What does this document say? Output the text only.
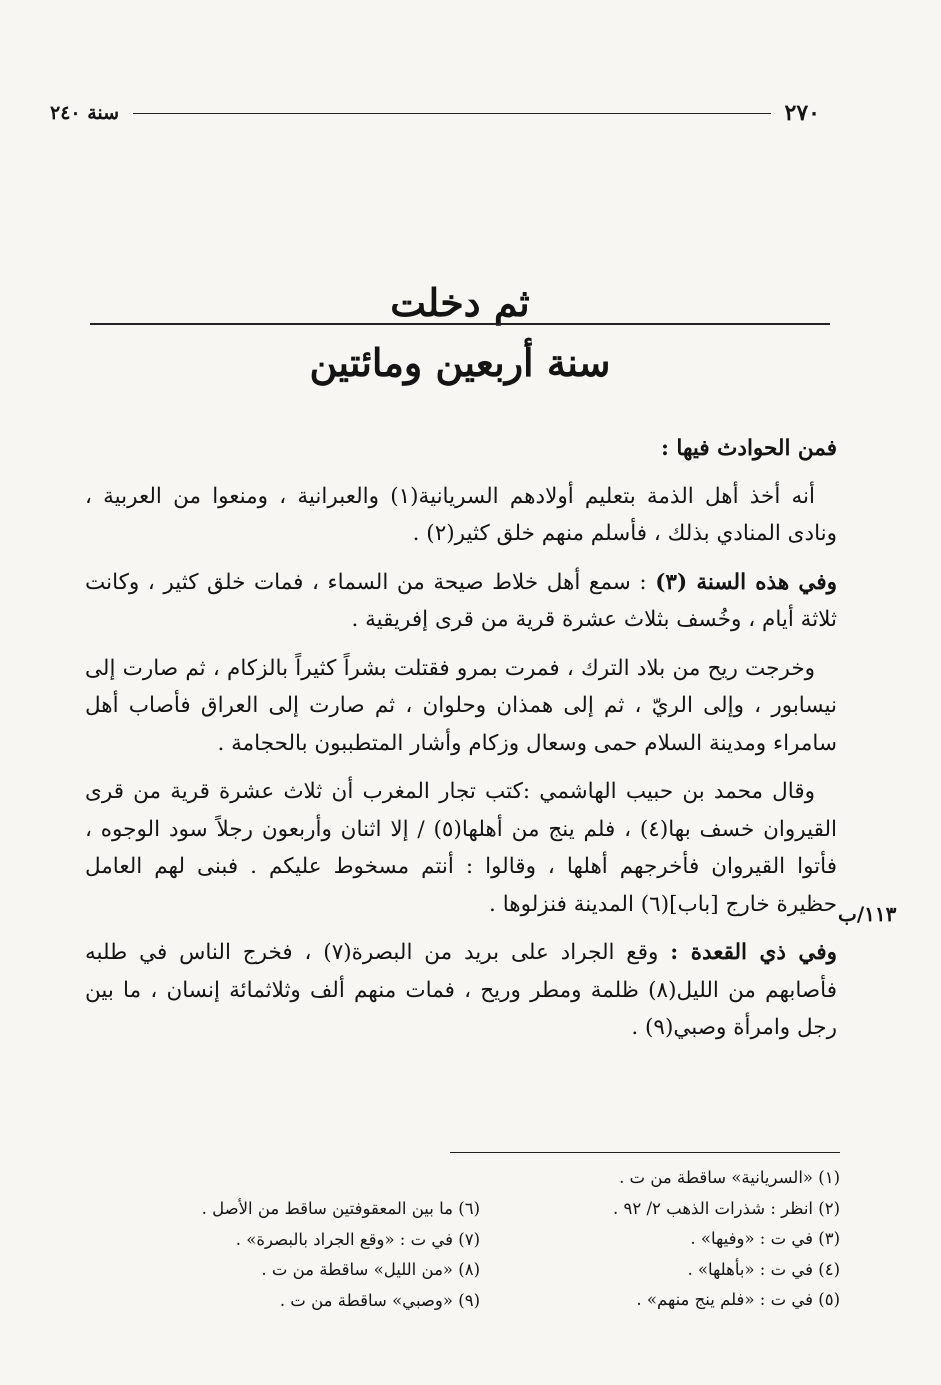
٢٧٠
سنة ٢٤٠
ثم دخلت
سنة أربعين ومائتين

فمن الحوادث فيها :

أنه أخذ أهل الذمة بتعليم أولادهم السريانية(١) والعبرانية ، ومنعوا من العربية ، ونادى المنادي بذلك ، فأسلم منهم خلق كثير(٢) .

وفي هذه السنة (٣) : سمع أهل خلاط صيحة من السماء ، فمات خلق كثير ، وكانت ثلاثة أيام ، وخُسف بثلاث عشرة قرية من قرى إفريقية .

وخرجت ريح من بلاد الترك ، فمرت بمرو فقتلت بشراً كثيراً بالزكام ، ثم صارت إلى نيسابور ، وإلى الريّ ، ثم إلى همذان وحلوان ، ثم صارت إلى العراق فأصاب أهل سامراء ومدينة السلام حمى وسعال وزكام وأشار المتطببون بالحجامة .

وقال محمد بن حبيب الهاشمي :كتب تجار المغرب أن ثلاث عشرة قرية من قرى القيروان خسف بها(٤) ، فلم ينج من أهلها(٥) / إلا اثنان وأربعون رجلاً سود الوجوه ، فأتوا القيروان فأخرجهم أهلها ، وقالوا : أنتم مسخوط عليكم . فبنى لهم العامل حظيرة خارج [باب](٦) المدينة فنزلوها .

وفي ذي القعدة : وقع الجراد على بريد من البصرة(٧) ، فخرج الناس في طلبه فأصابهم من الليل(٨) ظلمة ومطر وريح ، فمات منهم ألف وثلاثمائة إنسان ، ما بين رجل وامرأة وصبي(٩) .

١١٣/ب
(١) «السريانية» ساقطة من ت .
(٢) انظر : شذرات الذهب ٢/ ٩٢ .
(٣) في ت : «وفيها» .
(٤) في ت : «بأهلها» .
(٥) في ت : «فلم ينج منهم» .
(٦) ما بين المعقوفتين ساقط من الأصل .
(٧) في ت : «وقع الجراد بالبصرة» .
(٨) «من الليل» ساقطة من ت .
(٩) «وصبي» ساقطة من ت .
